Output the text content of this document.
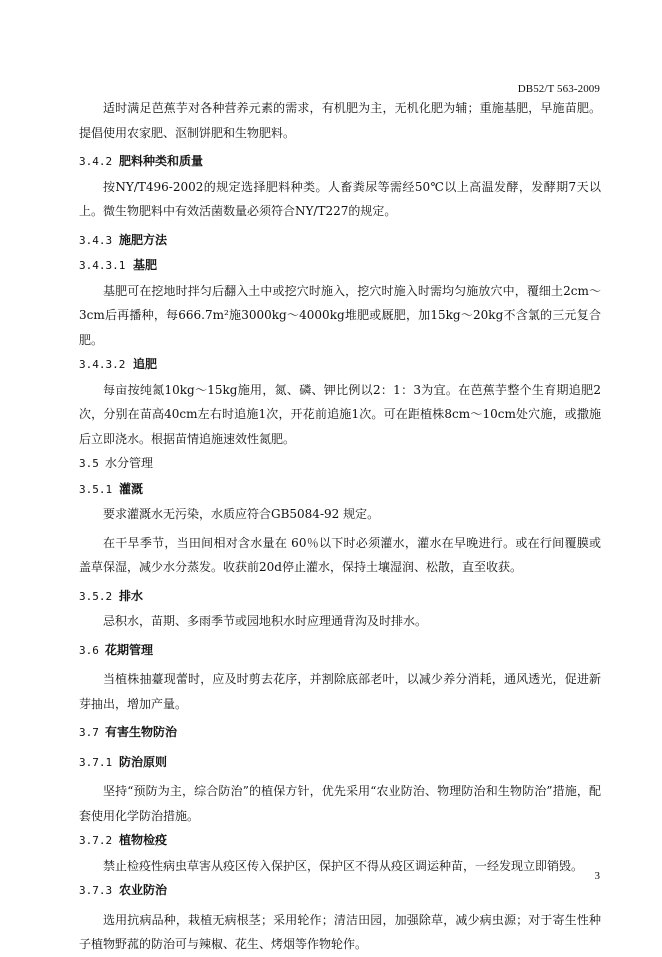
DB52/T 563-2009

适时满足芭蕉芋对各种营养元素的需求，有机肥为主，无机化肥为辅；重施基肥，早施苗肥。提倡使用农家肥、沤制饼肥和生物肥料。

3.4.2 肥料种类和质量

按NY/T496-2002的规定选择肥料种类。人畜粪尿等需经50℃以上高温发酵，发酵期7天以上。微生物肥料中有效活菌数量必须符合NY/T227的规定。

3.4.3 施肥方法
3.4.3.1 基肥

基肥可在挖地时拌匀后翻入土中或挖穴时施入，挖穴时施入时需均匀施放穴中，覆细土2cm～3cm后再播种，每666.7m²施3000kg～4000kg堆肥或厩肥，加15kg～20kg不含氯的三元复合肥。

3.4.3.2 追肥

每亩按纯氮10kg～15kg施用，氮、磷、钾比例以2：1：3为宜。在芭蕉芋整个生育期追肥2次，分别在苗高40cm左右时追施1次，开花前追施1次。可在距植株8cm～10cm处穴施，或撒施后立即浇水。根据苗情追施速效性氮肥。

3.5 水分管理
3.5.1 灌溉

要求灌溉水无污染，水质应符合GB5084-92 规定。

在干旱季节，当田间相对含水量在 60％以下时必须灌水，灌水在早晚进行。或在行间覆膜或盖草保湿，减少水分蒸发。收获前20d停止灌水，保持土壤湿润、松散，直至收获。

3.5.2 排水

忌积水，苗期、多雨季节或园地积水时应理通背沟及时排水。

3.6 花期管理

当植株抽薹现蕾时，应及时剪去花序，并割除底部老叶，以减少养分消耗，通风透光，促进新芽抽出，增加产量。

3.7 有害生物防治
3.7.1 防治原则

坚持“预防为主，综合防治”的植保方针，优先采用“农业防治、物理防治和生物防治”措施，配套使用化学防治措施。

3.7.2 植物检疫

禁止检疫性病虫草害从疫区传入保护区，保护区不得从疫区调运种苗，一经发现立即销毁。

3.7.3 农业防治

选用抗病品种，栽植无病根茎；采用轮作；清洁田园，加强除草，减少病虫源；对于寄生性种子植物野菰的防治可与辣椒、花生、烤烟等作物轮作。

3
